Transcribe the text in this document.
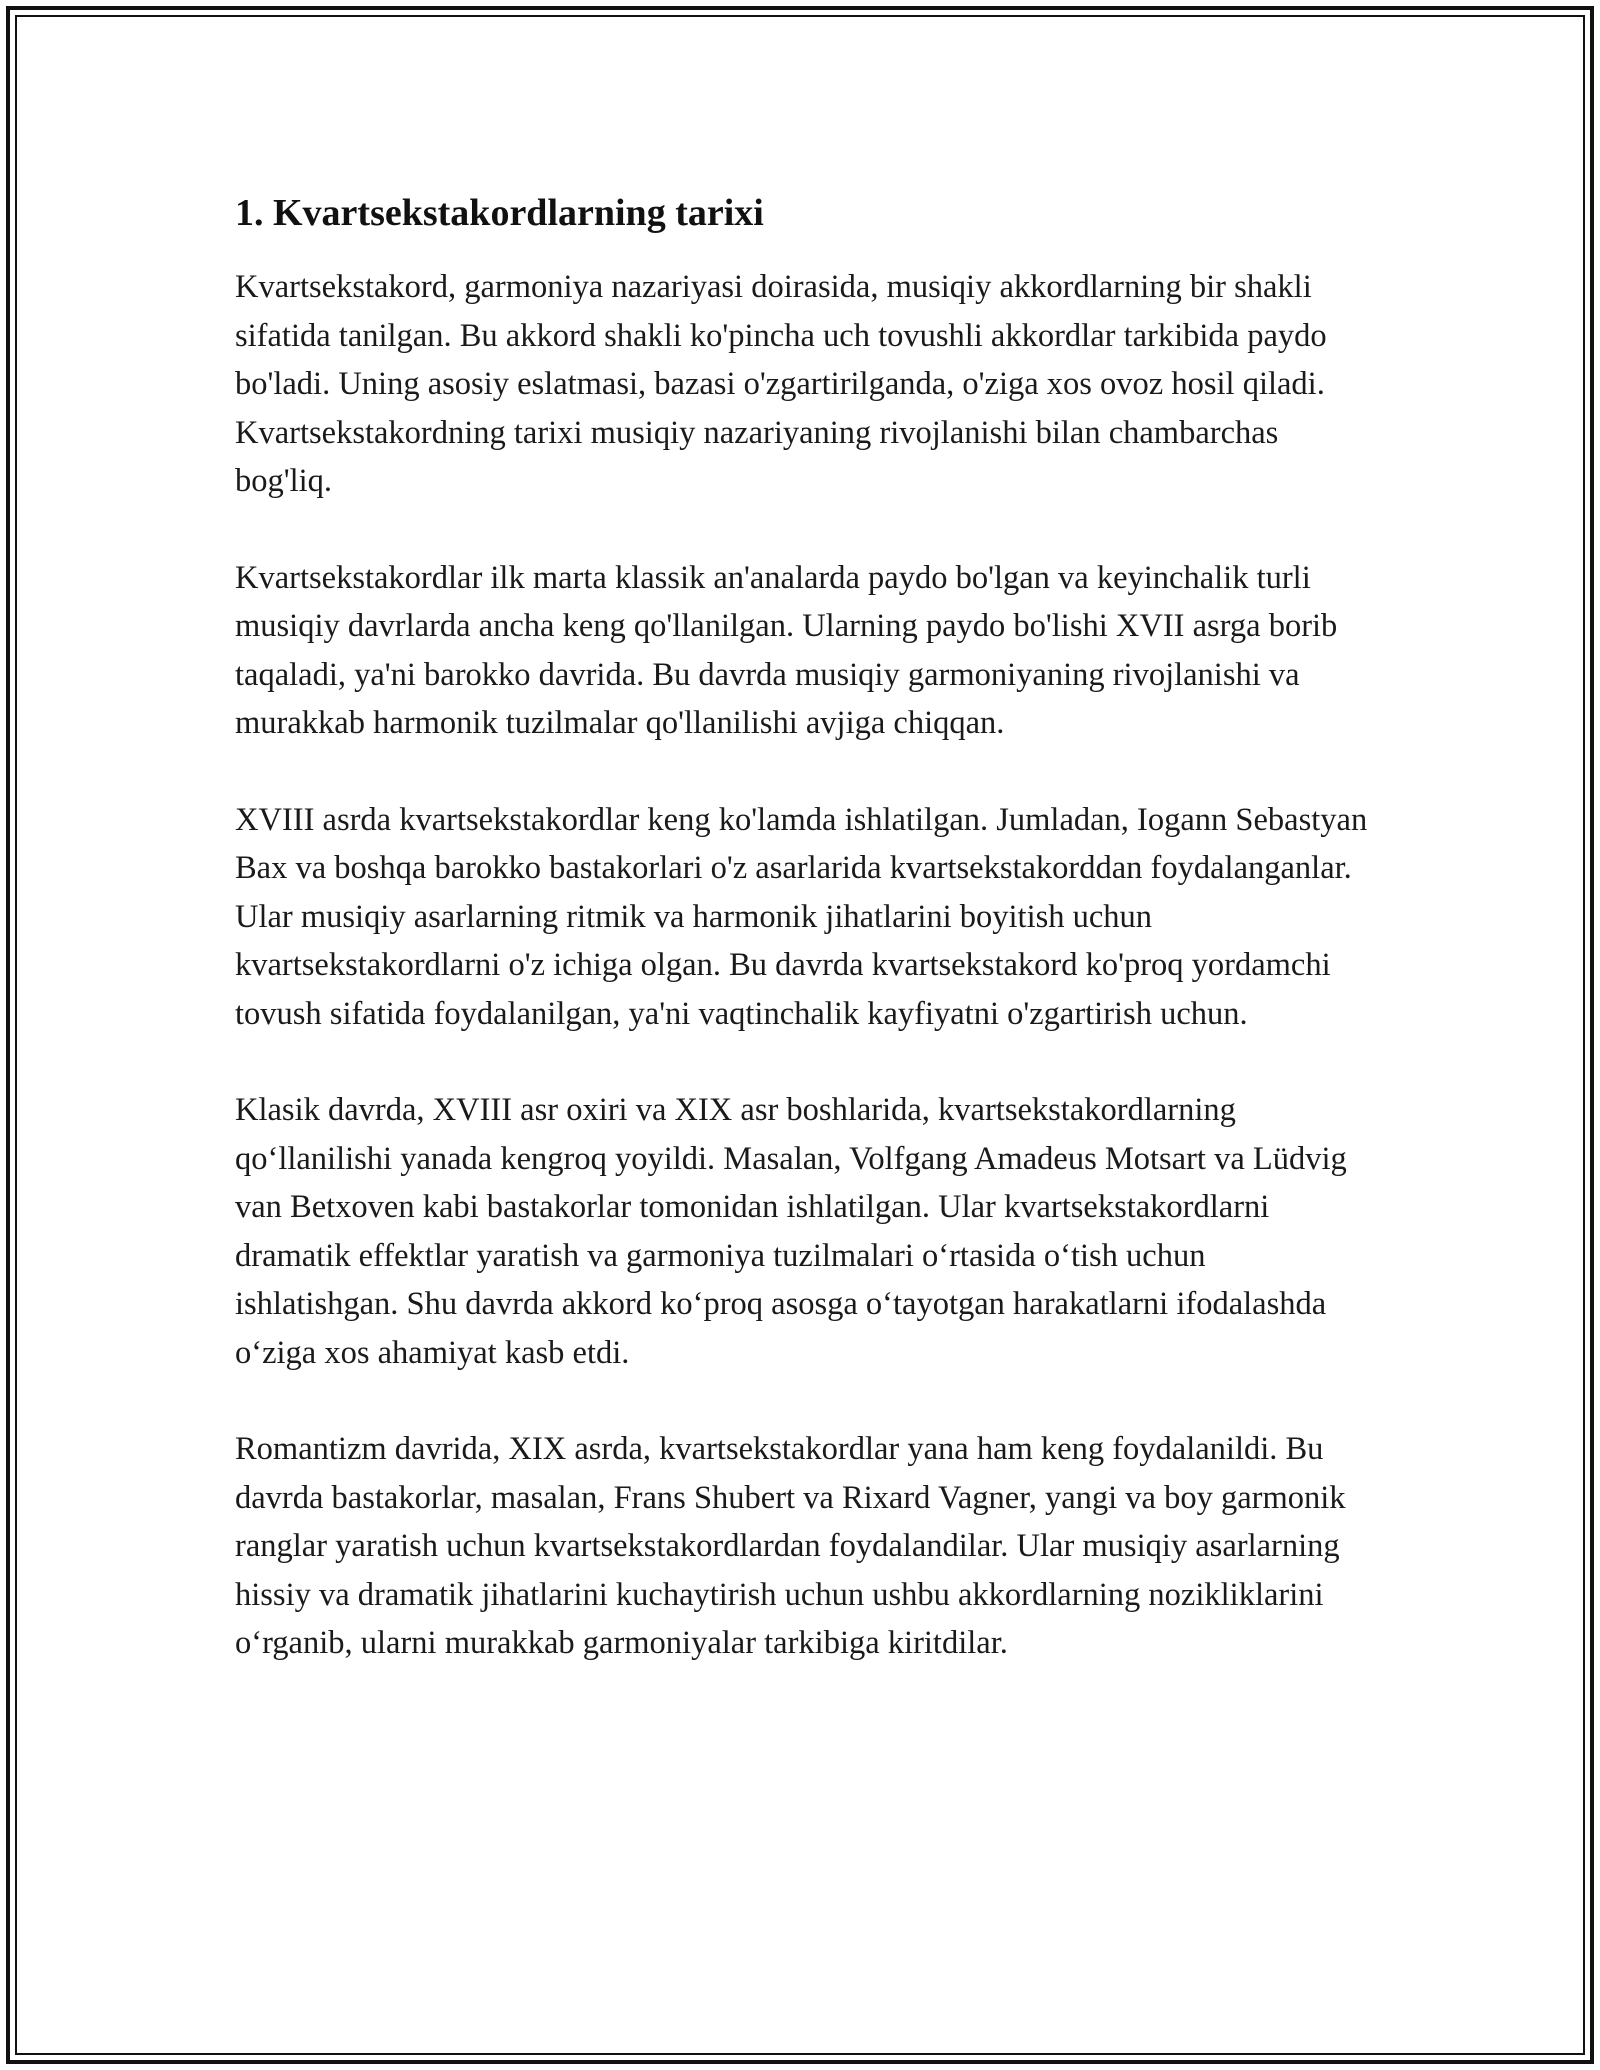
1. Kvartsekstakordlarning tarixi

Kvartsekstakord, garmoniya nazariyasi doirasida, musiqiy akkordlarning bir shakli sifatida tanilgan. Bu akkord shakli ko'pincha uch tovushli akkordlar tarkibida paydo bo'ladi. Uning asosiy eslatmasi, bazasi o'zgartirilganda, o'ziga xos ovoz hosil qiladi. Kvartsekstakordning tarixi musiqiy nazariyaning rivojlanishi bilan chambarchas bog'liq.

Kvartsekstakordlar ilk marta klassik an'analarda paydo bo'lgan va keyinchalik turli musiqiy davrlarda ancha keng qo'llanilgan. Ularning paydo bo'lishi XVII asrga borib taqaladi, ya'ni barokko davrida. Bu davrda musiqiy garmoniyaning rivojlanishi va murakkab harmonik tuzilmalar qo'llanilishi avjiga chiqqan.

XVIII asrda kvartsekstakordlar keng ko'lamda ishlatilgan. Jumladan, Iogann Sebastyan Bax va boshqa barokko bastakorlari o'z asarlarida kvartsekstakorddan foydalanganlar. Ular musiqiy asarlarning ritmik va harmonik jihatlarini boyitish uchun kvartsekstakordlarni o'z ichiga olgan. Bu davrda kvartsekstakord ko'proq yordamchi tovush sifatida foydalanilgan, ya'ni vaqtinchalik kayfiyatni o'zgartirish uchun.

Klasik davrda, XVIII asr oxiri va XIX asr boshlarida, kvartsekstakordlarning qo‘llanilishi yanada kengroq yoyildi. Masalan, Volfgang Amadeus Motsart va Lüdvig van Betxoven kabi bastakorlar tomonidan ishlatilgan. Ular kvartsekstakordlarni dramatik effektlar yaratish va garmoniya tuzilmalari o‘rtasida o‘tish uchun ishlatishgan. Shu davrda akkord ko‘proq asosga o‘tayotgan harakatlarni ifodalashda o‘ziga xos ahamiyat kasb etdi.

Romantizm davrida, XIX asrda, kvartsekstakordlar yana ham keng foydalanildi. Bu davrda bastakorlar, masalan, Frans Shubert va Rixard Vagner, yangi va boy garmonik ranglar yaratish uchun kvartsekstakordlardan foydalandilar. Ular musiqiy asarlarning hissiy va dramatik jihatlarini kuchaytirish uchun ushbu akkordlarning nozikliklarini o‘rganib, ularni murakkab garmoniyalar tarkibiga kiritdilar.
